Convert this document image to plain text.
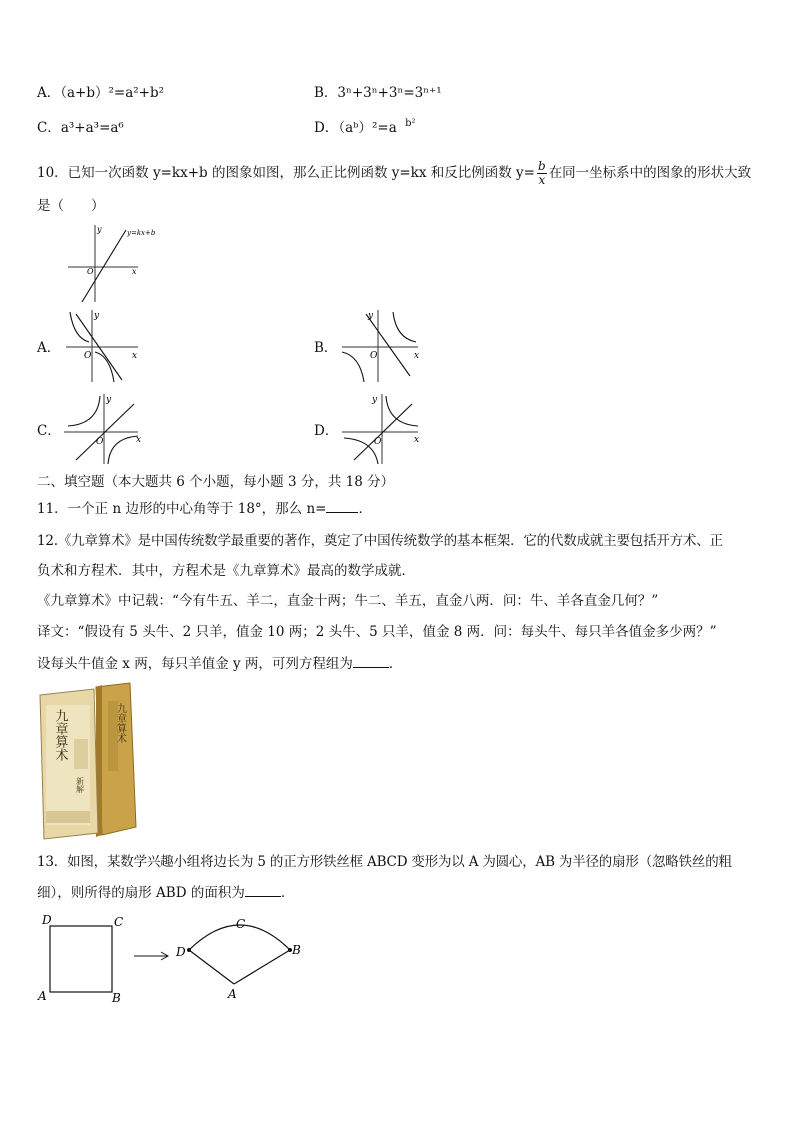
A．（a+b）²=a²+b²	B．3ⁿ+3ⁿ+3ⁿ=3ⁿ⁺¹
C．a³+a³=a⁶	D．（aᵇ）²=a $^{b^2}$
10．已知一次函数 y=kx+b 的图象如图，那么正比例函数 y=kx 和反比例函数 $y= \frac{b}{x}$ 在同一坐标系中的图象的形状大致
是（　　）
y
x
O
y=kx+b
A．
y
x
O	B．
y
x
O
C．
y
x
O
D．
y
x
O
二、填空题（本大题共 6 个小题，每小题 3 分，共 18 分）
11．一个正 n 边形的中心角等于 18°，那么 n= ．
12.《九章算术》是中国传统数学最重要的著作，奠定了中国传统数学的基本框架．它的代数成就主要包括开方术、正
负术和方程术．其中，方程术是《九章算术》最高的数学成就．
《九章算术》中记载：“今有牛五、羊二，直金十两；牛二、羊五，直金八两．问：牛、羊各直金几何？”
译文：“假设有 5 头牛、2 只羊，值金 10 两；2 头牛、5 只羊，值金 8 两．问：每头牛、每只羊各值金多少两？”
设每头牛值金 x 两，每只羊值金 y 两，可列方程组为	．
九章算术
九章算术
新解
13．如图，某数学兴趣小组将边长为 5 的正方形铁丝框 ABCD 变形为以 A 为圆心，AB 为半径的扇形（忽略铁丝的粗
细），则所得的扇形 ABD 的面积为	．
D	C
A	B
C
D	B
A
